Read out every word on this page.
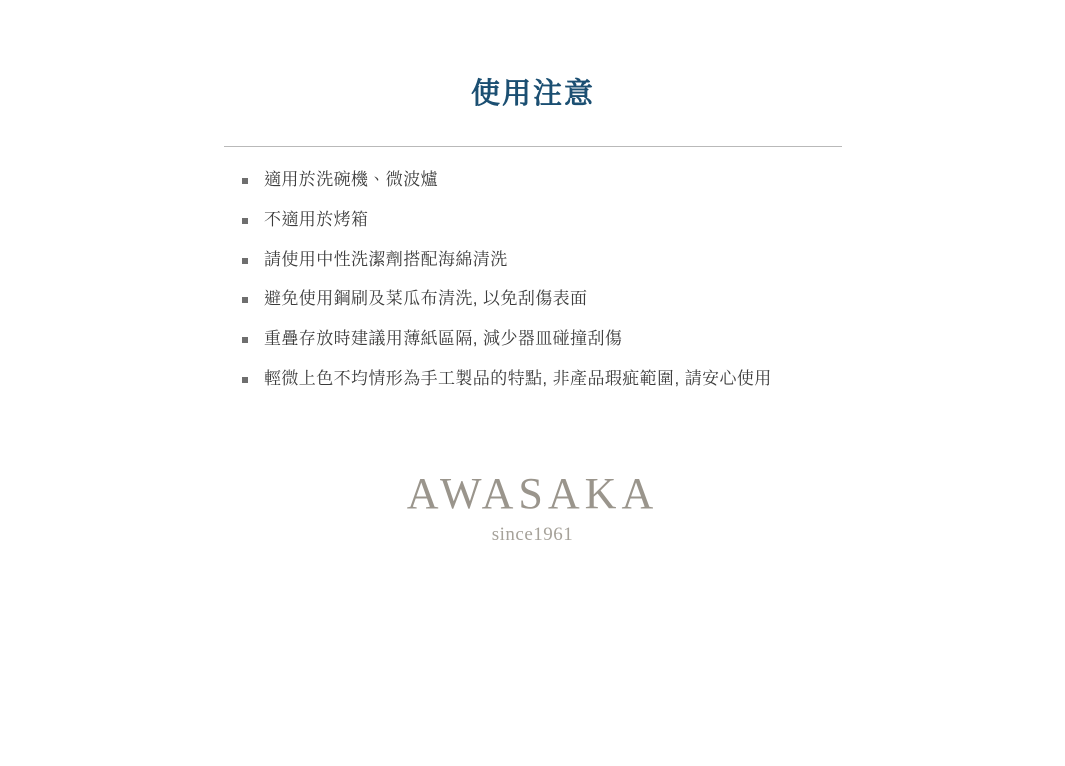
使用注意
適用於洗碗機、微波爐
不適用於烤箱
請使用中性洗潔劑搭配海綿清洗
避免使用鋼刷及菜瓜布清洗, 以免刮傷表面
重疊存放時建議用薄紙區隔, 減少器皿碰撞刮傷
輕微上色不均情形為手工製品的特點, 非產品瑕疵範圍, 請安心使用
AWASAKA
since1961
